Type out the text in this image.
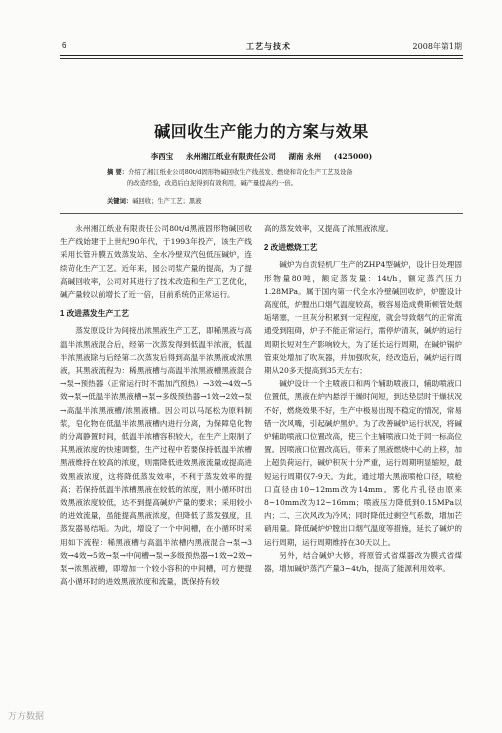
6	工艺与技术	2008年第1期
碱回收生产能力的方案与效果
李西宝 永州湘江纸业有限责任公司 湖南 永州 (425000)
摘 要：介绍了湘江纸业公司80t/d固形物碱回收生产线蒸发、燃烧和苛化生产工艺及设备
的改造经验，改造后白泥得到有效利用，碱产量提高约一倍。
关键词：碱回收；生产工艺；黑液

永州湘江纸业有限责任公司80t/d黑液固形物碱回收生产线始建于上世纪90年代，于1993年投产，该生产线采用长管升膜五效蒸发站、全水冷壁双汽包低压碱炉，连续苛化生产工艺。近年来，园公司浆产量的提高，为了提高碱回收率，公司对其进行了技术改造和生产工艺优化，碱产量较以前增长了近一倍，目前系统仍正常运行。

1 改进蒸发生产工艺

蒸发原设计为间接出浓黑液生产工艺，即稀黑液与高温半浓黑液混合后，经第一次蒸发得到低温半浓液，低温半浓黑液除与后经第二次蒸发后得到高温半浓黑液或浓黑液，其黑液流程为：稀黑液槽与高温半浓黑液槽黑液混合→泵→预热器（正常运行时不需加汽预热）→3效→4效→5效→泵→低温半浓黑液槽→泵→多级预热器→1效→2效→泵→高温半浓黑液槽/浓黑液槽。因公司以马尾松为原料制浆，皂化物在低温半浓黑液槽内进行分离，为保障皂化物的分离静置时间，低温半浓槽容积较大，在生产上限制了其黑液浓度的快速调整，生产过程中若要保持低温半浓槽黑液维持在较高的浓度，则需降低进效黑液流量或提高进效黑液浓度，这将降低蒸发效率，不利于蒸发效率的提高；若保持低温半浓槽黑液在较低的浓度，则小循环时出效黑液浓度较低，达不到提高碱炉产量的要求；采用较小的进效流量，虽能提高黑液浓度，但降低了蒸发强度，且蒸发器易结垢。为此，增设了一个中间槽，在小循环时采用如下流程：稀黑液槽与高温半浓槽内黑液混合→泵→3效→4效→5效→泵→中间槽→泵→多级预热器→1效→2效→泵→浓黑液槽，即增加一个较小容积的中间槽，可方便提高小循环时的进效黑液浓度和流量，既保持有较

高的蒸发效率，又提高了浓黑液浓度。

2 改进燃烧工艺

碱炉为自贡轻机厂生产的ZHP4型碱炉，设计日处理固形物量80吨，额定蒸发量：14t/h，额定蒸汽压力1.28MPa。属于国内第一代全水冷壁碱回收炉，炉膛设计高度低，炉膛出口烟气温度较高，极容易造成费斯顿管处烟垢堵塞，一旦灰分积累到一定程度，就会导致烟气的正常流通受到阻碍，炉子不能正常运行，需停炉清灰，碱炉的运行周期长短对生产影响较大，为了延长运行周期，在碱炉锅炉管束处增加了吹灰器，并加强吹灰，经改造后，碱炉运行周期从20多天提高到35天左右；

碱炉设计一个主喷液口和两个辅助喷液口，辅助喷液口位置低，黑液在炉内悬浮干燥时间短，到达垫层时干燥状况不好，燃烧效果不好，生产中极易出现不稳定的情况，常易错一次风嘴，引起碱炉黑炉。为了改善碱炉运行状况，将碱炉辅助喷液口位置改高，使三个主辅喷液口处于同一标高位置。因喷液口位置改高后，带来了黑液燃烧中心的上移，加上超负荷运行，碱炉积灰十分严重，运行周期明显缩短，最短运行周期仅7-9天。为此，通过增大黑液喷枪口径，喷枪口直径由10~12mm改为14mm。雾化片孔径由原来8~10mm改为12~16mm；喷液压力降低到0.15MPa以内；二、三次风改为冷风；同时降低过剩空气系数，增加芒硝用量。降低碱炉炉膛出口烟气温度等措施，延长了碱炉的运行周期，运行周期维持在30天以上。

另外，结合碱炉大修，将原管式省煤器改为膜式省煤器，增加碱炉蒸汽产量3~4t/h，提高了能源利用效率。

万方数据
